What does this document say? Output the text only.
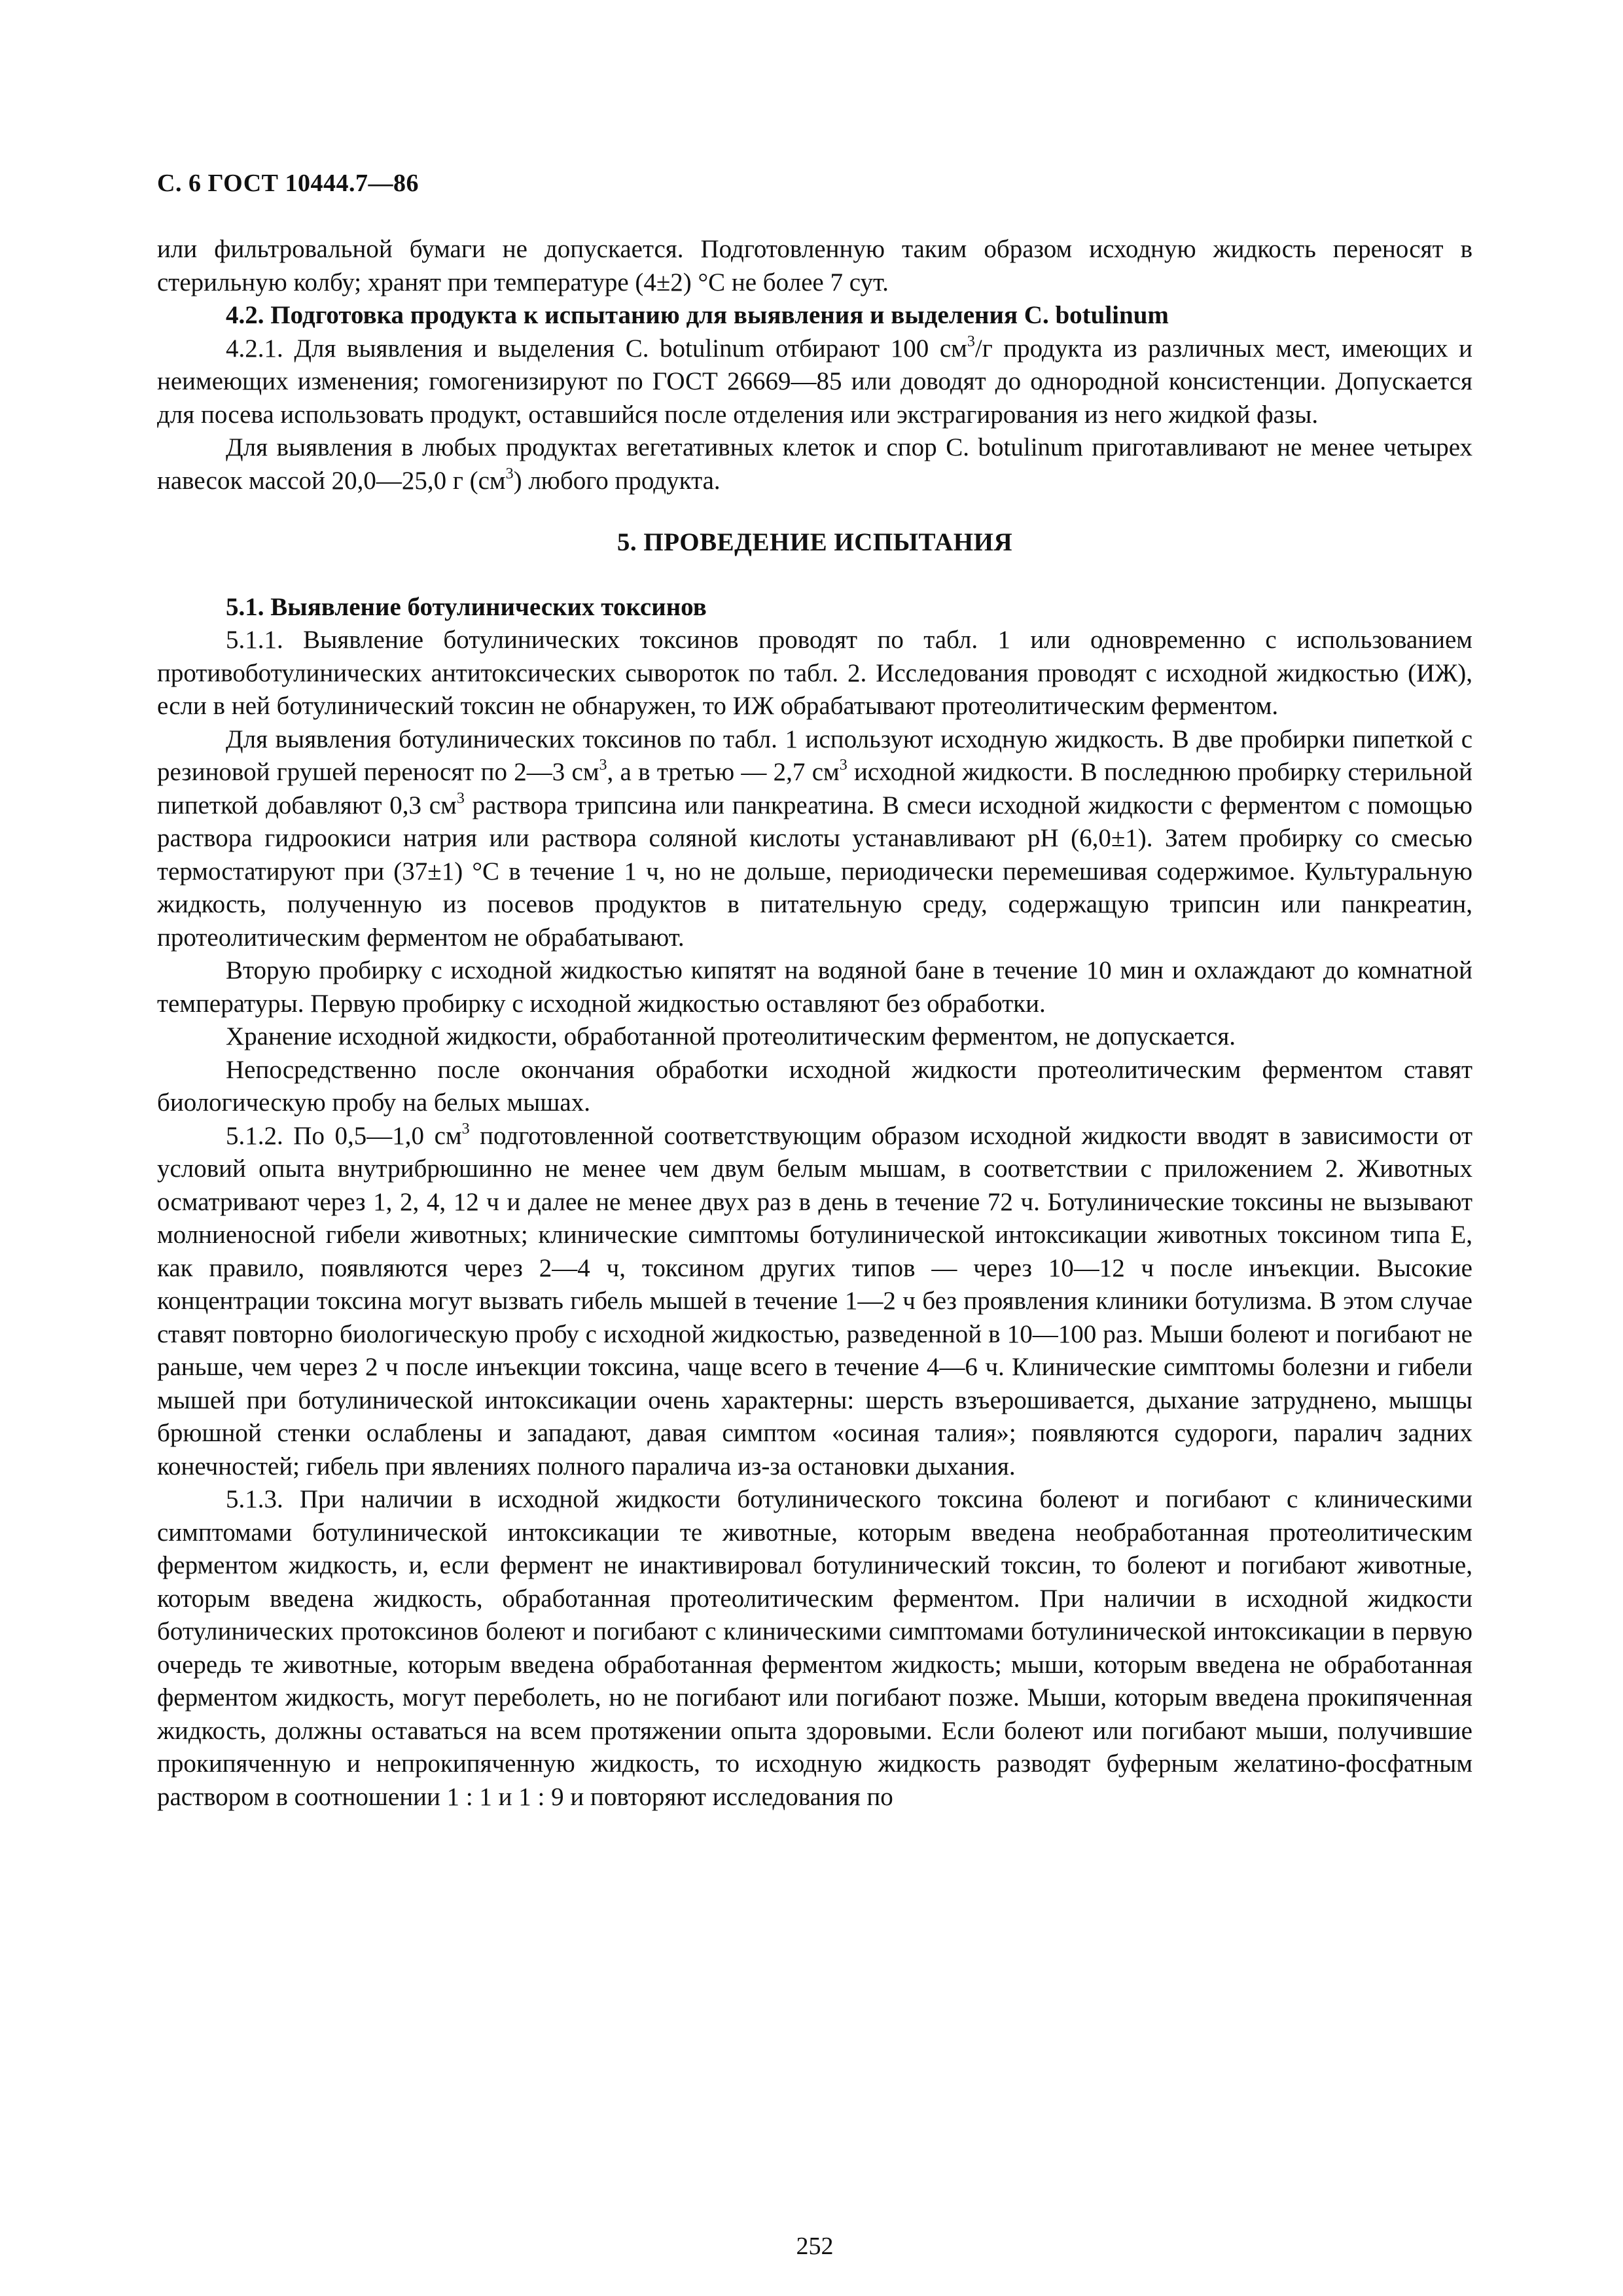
С. 6 ГОСТ 10444.7—86

или фильтровальной бумаги не допускается. Подготовленную таким образом исходную жидкость переносят в стерильную колбу; хранят при температуре (4±2) °С не более 7 сут.

4.2. Подготовка продукта к испытанию для выявления и выделения C. botulinum

4.2.1. Для выявления и выделения C. botulinum отбирают 100 $см^3/г$ продукта из различных мест, имеющих и неимеющих изменения; гомогенизируют по ГОСТ 26669—85 или доводят до однородной консистенции. Допускается для посева использовать продукт, оставшийся после отделения или экстрагирования из него жидкой фазы.

Для выявления в любых продуктах вегетативных клеток и спор C. botulinum приготавливают не менее четырех навесок массой 20,0—25,0 г $(см^3)$ любого продукта.

5. ПРОВЕДЕНИЕ ИСПЫТАНИЯ

5.1. Выявление ботулинических токсинов

5.1.1. Выявление ботулинических токсинов проводят по табл. 1 или одновременно с использованием противоботулинических антитоксических сывороток по табл. 2. Исследования проводят с исходной жидкостью (ИЖ), если в ней ботулинический токсин не обнаружен, то ИЖ обрабатывают протеолитическим ферментом.

Для выявления ботулинических токсинов по табл. 1 используют исходную жидкость. В две пробирки пипеткой с резиновой грушей переносят по 2—3 $см^3$, а в третью — 2,7 $см^3$ исходной жидкости. В последнюю пробирку стерильной пипеткой добавляют 0,3 $см^3$ раствора трипсина или панкреатина. В смеси исходной жидкости с ферментом с помощью раствора гидроокиси натрия или раствора соляной кислоты устанавливают рН (6,0±1). Затем пробирку со смесью термостатируют при (37±1) °С в течение 1 ч, но не дольше, периодически перемешивая содержимое. Культуральную жидкость, полученную из посевов продуктов в питательную среду, содержащую трипсин или панкреатин, протеолитическим ферментом не обрабатывают.

Вторую пробирку с исходной жидкостью кипятят на водяной бане в течение 10 мин и охлаждают до комнатной температуры. Первую пробирку с исходной жидкостью оставляют без обработки.

Хранение исходной жидкости, обработанной протеолитическим ферментом, не допускается.

Непосредственно после окончания обработки исходной жидкости протеолитическим ферментом ставят биологическую пробу на белых мышах.

5.1.2. По 0,5—1,0 $см^3$ подготовленной соответствующим образом исходной жидкости вводят в зависимости от условий опыта внутрибрюшинно не менее чем двум белым мышам, в соответствии с приложением 2. Животных осматривают через 1, 2, 4, 12 ч и далее не менее двух раз в день в течение 72 ч. Ботулинические токсины не вызывают молниеносной гибели животных; клинические симптомы ботулинической интоксикации животных токсином типа Е, как правило, появляются через 2—4 ч, токсином других типов — через 10—12 ч после инъекции. Высокие концентрации токсина могут вызвать гибель мышей в течение 1—2 ч без проявления клиники ботулизма. В этом случае ставят повторно биологическую пробу с исходной жидкостью, разведенной в 10—100 раз. Мыши болеют и погибают не раньше, чем через 2 ч после инъекции токсина, чаще всего в течение 4—6 ч. Клинические симптомы болезни и гибели мышей при ботулинической интоксикации очень характерны: шерсть взъерошивается, дыхание затруднено, мышцы брюшной стенки ослаблены и западают, давая симптом «осиная талия»; появляются судороги, паралич задних конечностей; гибель при явлениях полного паралича из-за остановки дыхания.

5.1.3. При наличии в исходной жидкости ботулинического токсина болеют и погибают с клиническими симптомами ботулинической интоксикации те животные, которым введена необработанная протеолитическим ферментом жидкость, и, если фермент не инактивировал ботулинический токсин, то болеют и погибают животные, которым введена жидкость, обработанная протеолитическим ферментом. При наличии в исходной жидкости ботулинических протоксинов болеют и погибают с клиническими симптомами ботулинической интоксикации в первую очередь те животные, которым введена обработанная ферментом жидкость; мыши, которым введена не обработанная ферментом жидкость, могут переболеть, но не погибают или погибают позже. Мыши, которым введена прокипяченная жидкость, должны оставаться на всем протяжении опыта здоровыми. Если болеют или погибают мыши, получившие прокипяченную и непрокипяченную жидкость, то исходную жидкость разводят буферным желатино-фосфатным раствором в соотношении 1 : 1 и 1 : 9 и повторяют исследования по

252
